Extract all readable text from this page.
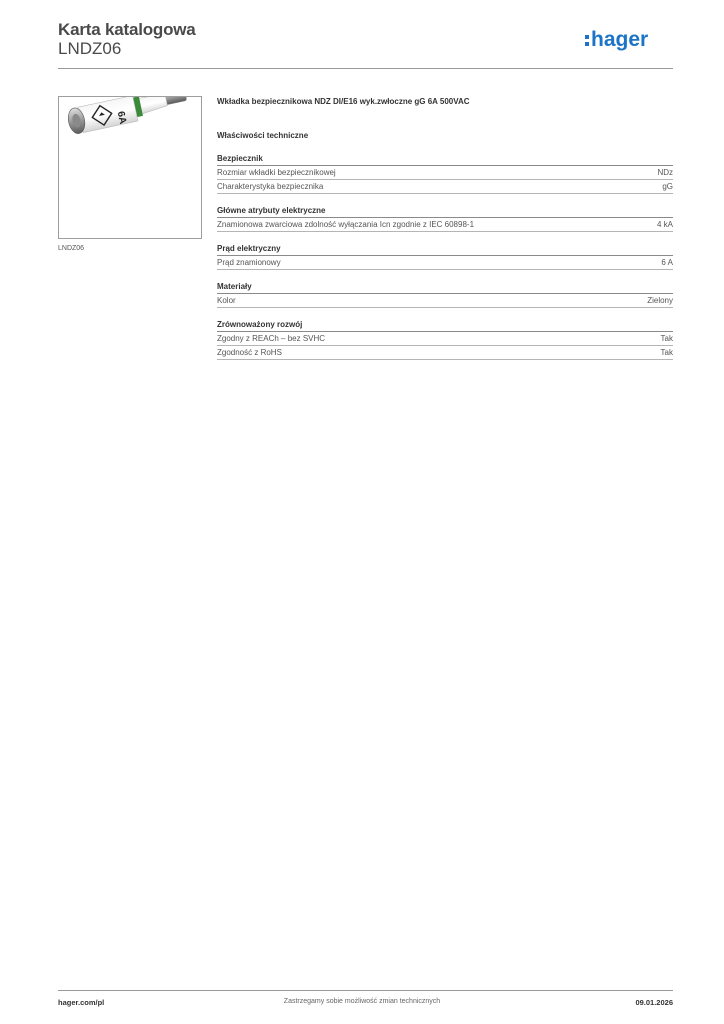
Karta katalogowa
LNDZ06	hager
6A
LNDZ06
Wkładka bezpiecznikowa NDZ DI/E16 wyk.zwłoczne gG 6A 500VAC
Właściwości techniczne
Bezpiecznik
Rozmiar wkładki bezpiecznikowej	NDz
Charakterystyka bezpiecznika	gG
Główne atrybuty elektryczne
Znamionowa zwarciowa zdolność wyłączania Icn zgodnie z IEC 60898-1	4 kA
Prąd elektryczny
Prąd znamionowy	6 A
Materiały
Kolor	Zielony
Zrównoważony rozwój
Zgodny z REACh – bez SVHC	Tak
Zgodność z RoHS	Tak
hager.com/pl	Zastrzegamy sobie możliwość zmian technicznych	09.01.2026
